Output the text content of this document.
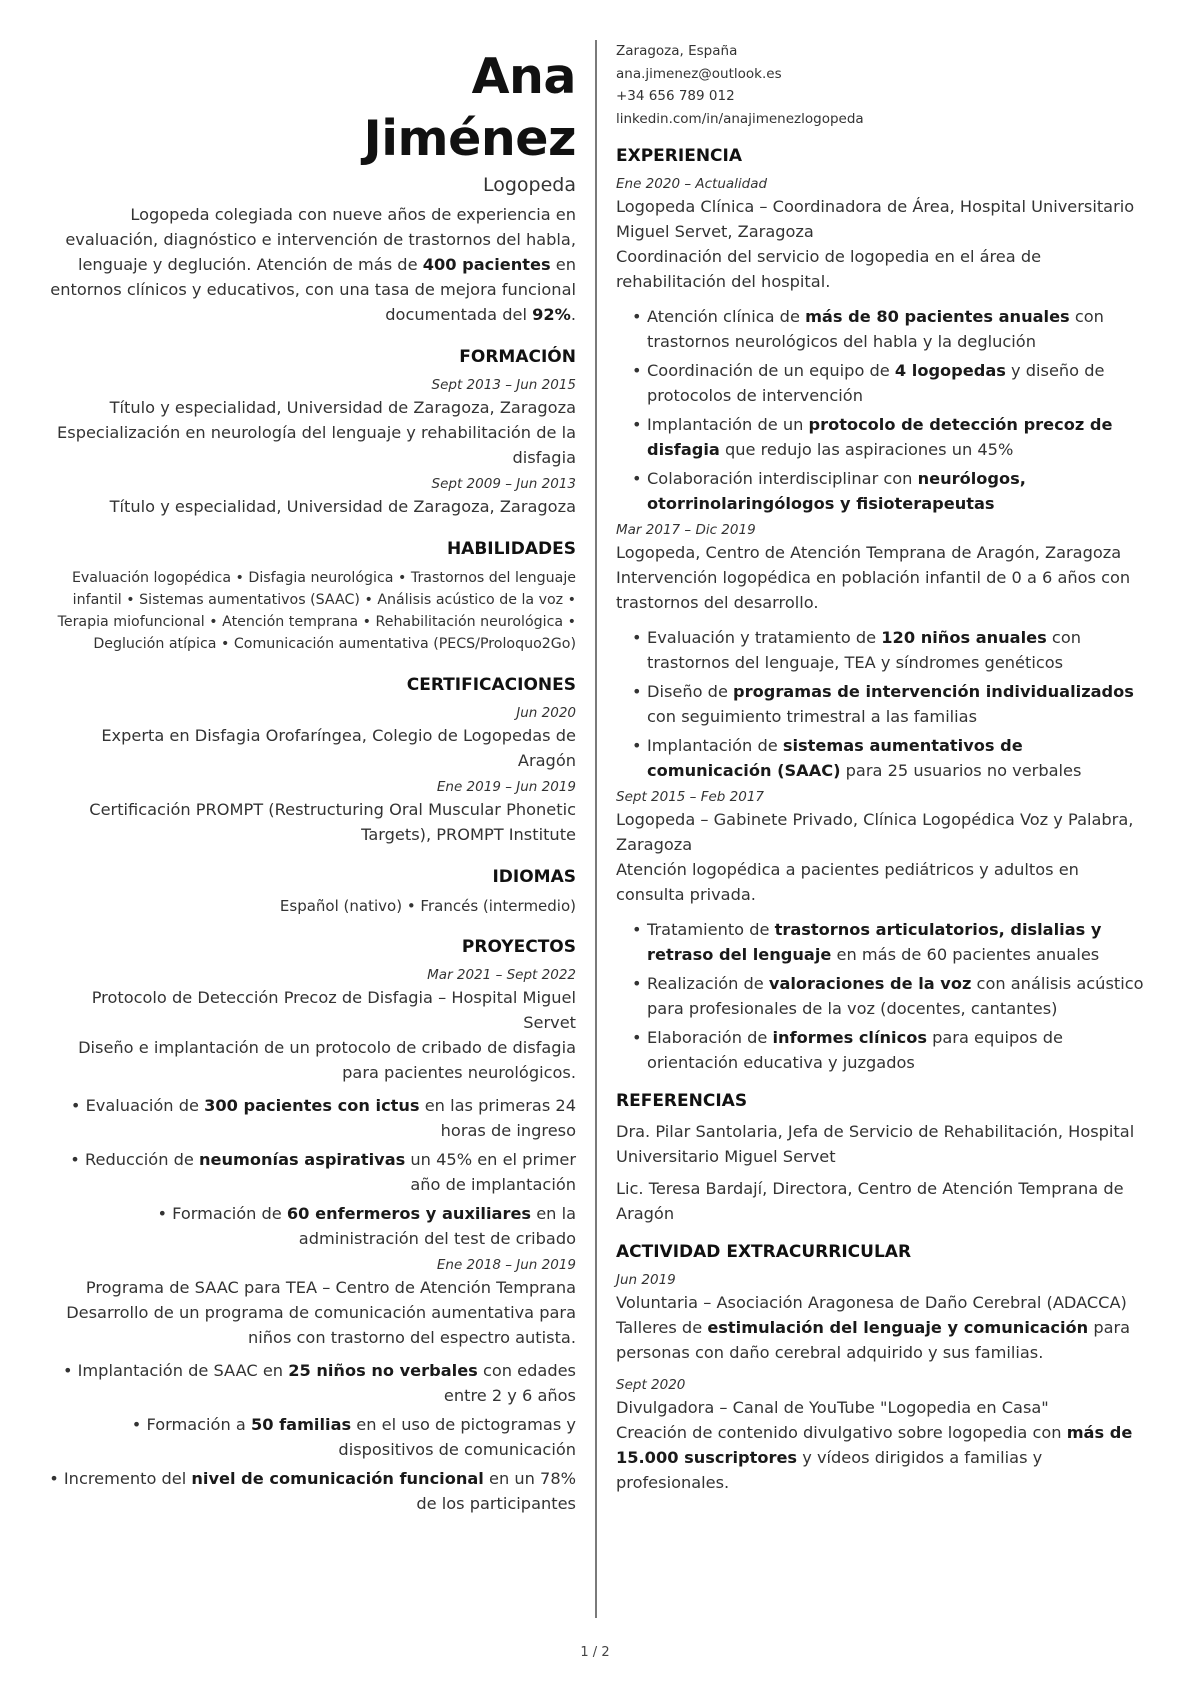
Ana
Jiménez
Logopeda
Logopeda colegiada con nueve años de experiencia en evaluación, diagnóstico e intervención de trastornos del habla, lenguaje y deglución. Atención de más de 400 pacientes en entornos clínicos y educativos, con una tasa de mejora funcional documentada del 92%.
FORMACIÓN
Sept 2013 – Jun 2015
Título y especialidad, Universidad de Zaragoza, Zaragoza
Especialización en neurología del lenguaje y rehabilitación de la disfagia
Sept 2009 – Jun 2013
Título y especialidad, Universidad de Zaragoza, Zaragoza
HABILIDADES
Evaluación logopédica • Disfagia neurológica • Trastornos del lenguaje infantil • Sistemas aumentativos (SAAC) • Análisis acústico de la voz • Terapia miofuncional • Atención temprana • Rehabilitación neurológica • Deglución atípica • Comunicación aumentativa (PECS/Proloquo2Go)
CERTIFICACIONES
Jun 2020
Experta en Disfagia Orofaríngea, Colegio de Logopedas de Aragón
Ene 2019 – Jun 2019
Certificación PROMPT (Restructuring Oral Muscular Phonetic Targets), PROMPT Institute
IDIOMAS
Español (nativo) • Francés (intermedio)
PROYECTOS
Mar 2021 – Sept 2022
Protocolo de Detección Precoz de Disfagia – Hospital Miguel Servet
Diseño e implantación de un protocolo de cribado de disfagia para pacientes neurológicos.
• Evaluación de 300 pacientes con ictus en las primeras 24 horas de ingreso
• Reducción de neumonías aspirativas un 45% en el primer año de implantación
• Formación de 60 enfermeros y auxiliares en la administración del test de cribado
Ene 2018 – Jun 2019
Programa de SAAC para TEA – Centro de Atención Temprana
Desarrollo de un programa de comunicación aumentativa para niños con trastorno del espectro autista.
• Implantación de SAAC en 25 niños no verbales con edades entre 2 y 6 años
• Formación a 50 familias en el uso de pictogramas y dispositivos de comunicación
• Incremento del nivel de comunicación funcional en un 78% de los participantes
Zaragoza, España
ana.jimenez@outlook.es
+34 656 789 012
linkedin.com/in/anajimenezlogopeda
EXPERIENCIA
Ene 2020 – Actualidad
Logopeda Clínica – Coordinadora de Área, Hospital Universitario Miguel Servet, Zaragoza
Coordinación del servicio de logopedia en el área de rehabilitación del hospital.
• Atención clínica de más de 80 pacientes anuales con trastornos neurológicos del habla y la deglución
• Coordinación de un equipo de 4 logopedas y diseño de protocolos de intervención
• Implantación de un protocolo de detección precoz de disfagia que redujo las aspiraciones un 45%
• Colaboración interdisciplinar con neurólogos, otorrinolaringólogos y fisioterapeutas
Mar 2017 – Dic 2019
Logopeda, Centro de Atención Temprana de Aragón, Zaragoza
Intervención logopédica en población infantil de 0 a 6 años con trastornos del desarrollo.
• Evaluación y tratamiento de 120 niños anuales con trastornos del lenguaje, TEA y síndromes genéticos
• Diseño de programas de intervención individualizados con seguimiento trimestral a las familias
• Implantación de sistemas aumentativos de comunicación (SAAC) para 25 usuarios no verbales
Sept 2015 – Feb 2017
Logopeda – Gabinete Privado, Clínica Logopédica Voz y Palabra, Zaragoza
Atención logopédica a pacientes pediátricos y adultos en consulta privada.
• Tratamiento de trastornos articulatorios, dislalias y retraso del lenguaje en más de 60 pacientes anuales
• Realización de valoraciones de la voz con análisis acústico para profesionales de la voz (docentes, cantantes)
• Elaboración de informes clínicos para equipos de orientación educativa y juzgados
REFERENCIAS
Dra. Pilar Santolaria, Jefa de Servicio de Rehabilitación, Hospital Universitario Miguel Servet
Lic. Teresa Bardají, Directora, Centro de Atención Temprana de Aragón
ACTIVIDAD EXTRACURRICULAR
Jun 2019
Voluntaria – Asociación Aragonesa de Daño Cerebral (ADACCA)
Talleres de estimulación del lenguaje y comunicación para personas con daño cerebral adquirido y sus familias.
Sept 2020
Divulgadora – Canal de YouTube "Logopedia en Casa"
Creación de contenido divulgativo sobre logopedia con más de 15.000 suscriptores y vídeos dirigidos a familias y profesionales.
1 / 2
